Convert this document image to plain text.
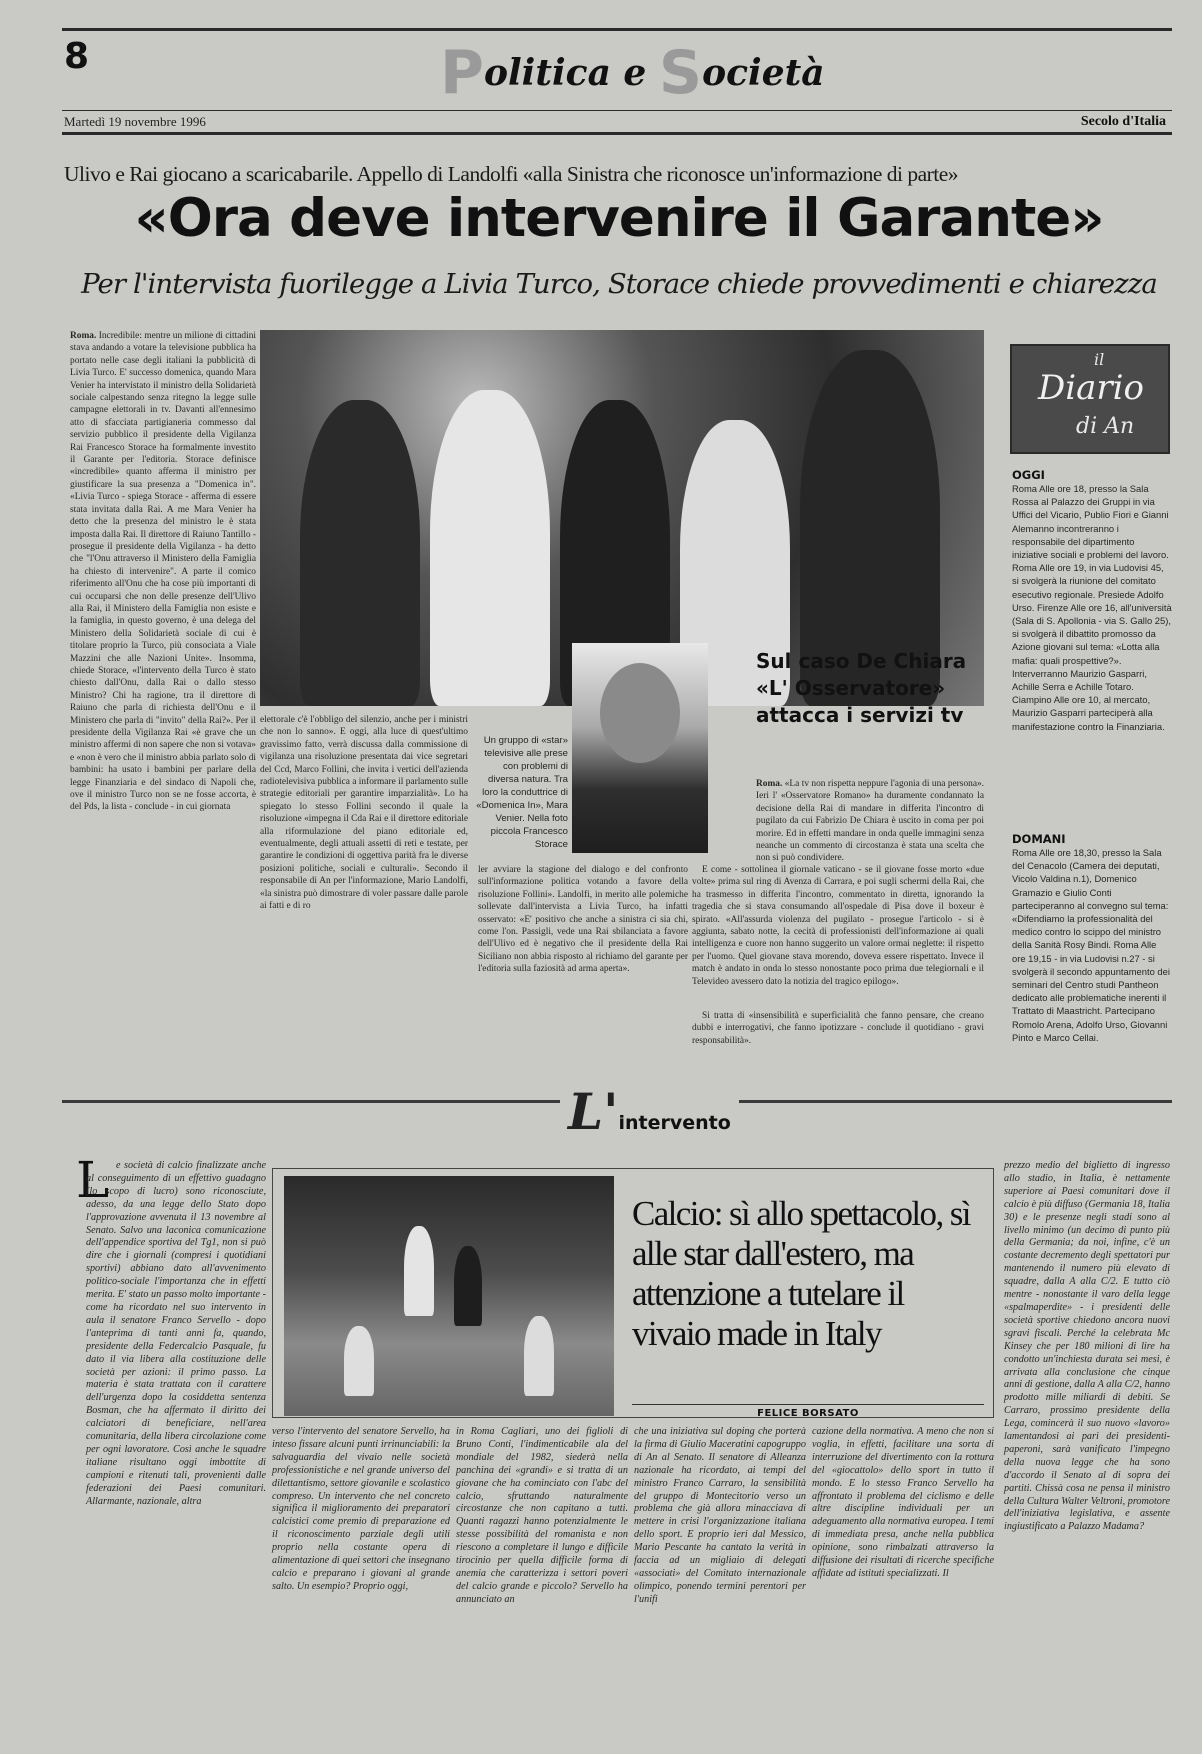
8	Politica e Società
Martedì 19 novembre 1996	Secolo d'Italia
Ulivo e Rai giocano a scaricabarile. Appello di Landolfi «alla Sinistra che riconosce un'informazione di parte»
«Ora deve intervenire il Garante»
Per l'intervista fuorilegge a Livia Turco, Storace chiede provvedimenti e chiarezza
Roma. Incredibile: mentre un milione di cittadini stava andando a votare la televisione pubblica ha portato nelle case degli italiani la pubblicità di Livia Turco. E' successo domenica, quando Mara Venier ha intervistato il ministro della Solidarietà sociale calpestando senza ritegno la legge sulle campagne elettorali in tv. Davanti all'ennesimo atto di sfacciata partigianeria commesso dal servizio pubblico il presidente della Vigilanza Rai Francesco Storace ha formalmente investito il Garante per l'editoria. Storace definisce «incredibile» quanto afferma il ministro per giustificare la sua presenza a "Domenica in". «Livia Turco - spiega Storace - afferma di essere stata invitata dalla Rai. A me Mara Venier ha detto che la presenza del ministro le è stata imposta dalla Rai. Il direttore di Raiuno Tantillo - prosegue il presidente della Vigilanza - ha detto che "l'Onu attraverso il Ministero della Famiglia ha chiesto di intervenire". A parte il comico riferimento all'Onu che ha cose più importanti di cui occuparsi che non delle presenze dell'Ulivo alla Rai, il Ministero della Famiglia non esiste e la famiglia, in questo governo, è una delega del Ministero della Solidarietà sociale di cui è titolare proprio la Turco, più consociata a Viale Mazzini che alle Nazioni Unite». Insomma, chiede Storace, «l'intervento della Turco è stato chiesto dall'Onu, dalla Rai o dallo stesso Ministro? Chi ha ragione, tra il direttore di Raiuno che parla di richiesta dell'Onu e il Ministero che parla di "invito" della Rai?». Per il presidente della Vigilanza Rai «è grave che un ministro affermi di non sapere che non si votava» e «non è vero che il ministro abbia parlato solo di bambini: ha usato i bambini per parlare della legge Finanziaria e del sindaco di Napoli che, ove il ministro Turco non se ne fosse accorta, è del Pds, la lista - conclude - in cui giornata
Un gruppo di «star» televisive alle prese con problemi di diversa natura. Tra loro la conduttrice di «Domenica In», Mara Venier. Nella foto piccola Francesco Storace
elettorale c'è l'obbligo del silenzio, anche per i ministri che non lo sanno». E oggi, alla luce di quest'ultimo gravissimo fatto, verrà discussa dalla commissione di vigilanza una risoluzione presentata dai vice segretari del Ccd, Marco Follini, che invita i vertici dell'azienda radiotelevisiva pubblica a informare il parlamento sulle strategie editoriali per garantire imparzialità». Lo ha spiegato lo stesso Follini secondo il quale la risoluzione «impegna il Cda Rai e il direttore editoriale alla riformulazione del piano editoriale ed, eventualmente, degli attuali assetti di reti e testate, per garantire le condizioni di oggettiva parità fra le diverse posizioni politiche, sociali e culturali». Secondo il responsabile di An per l'informazione, Mario Landolfi, «la sinistra può dimostrare di voler passare dalle parole ai fatti e di ro
ler avviare la stagione del dialogo e del confronto sull'informazione politica votando a favore della risoluzione Follini». Landolfi, in merito alle polemiche sollevate dall'intervista a Livia Turco, ha infatti osservato: «E' positivo che anche a sinistra ci sia chi, come l'on. Passigli, vede una Rai sbilanciata a favore dell'Ulivo ed è negativo che il presidente della Rai Siciliano non abbia risposto al richiamo del garante per l'editoria sulla faziosità ad arma aperta».
Sul caso De Chiara «L' Osservatore» attacca i servizi tv
Roma. «La tv non rispetta neppure l'agonia di una persona». Ieri l' «Osservatore Romano» ha duramente condannato la decisione della Rai di mandare in differita l'incontro di pugilato da cui Fabrizio De Chiara è uscito in coma per poi morire. Ed in effetti mandare in onda quelle immagini senza neanche un commento di circostanza è stata una scelta che non si può condividere.
E come - sottolinea il giornale vaticano - se il giovane fosse morto «due volte» prima sul ring di Avenza di Carrara, e poi sugli schermi della Rai, che ha trasmesso in differita l'incontro, commentato in diretta, ignorando la tragedia che si stava consumando all'ospedale di Pisa dove il boxeur è spirato. «All'assurda violenza del pugilato - prosegue l'articolo - si è aggiunta, sabato notte, la cecità di professionisti dell'informazione ai quali intelligenza e cuore non hanno suggerito un valore ormai neglette: il rispetto per l'uomo. Quel giovane stava morendo, doveva essere rispettato. Invece il match è andato in onda lo stesso nonostante poco prima due telegiornali e il Televideo avessero dato la notizia del tragico epilogo».
Si tratta di «insensibilità e superficialità che fanno pensare, che creano dubbi e interrogativi, che fanno ipotizzare - conclude il quotidiano - gravi responsabilità».
il
Diario
di An
OGGI
Roma Alle ore 18, presso la Sala Rossa al Palazzo dei Gruppi in via Uffici del Vicario, Publio Fiori e Gianni Alemanno incontreranno i responsabile del dipartimento iniziative sociali e problemi del lavoro. Roma Alle ore 19, in via Ludovisi 45, si svolgerà la riunione del comitato esecutivo regionale. Presiede Adolfo Urso. Firenze Alle ore 16, all'università (Sala di S. Apollonia - via S. Gallo 25), si svolgerà il dibattito promosso da Azione giovani sul tema: «Lotta alla mafia: quali prospettive?». Interverranno Maurizio Gasparri, Achille Serra e Achille Totaro. Ciampino Alle ore 10, al mercato, Maurizio Gasparri parteciperà alla manifestazione contro la Finanziaria.
DOMANI
Roma Alle ore 18,30, presso la Sala del Cenacolo (Camera dei deputati, Vicolo Valdina n.1), Domenico Gramazio e Giulio Conti parteciperanno al convegno sul tema: «Difendiamo la professionalità del medico contro lo scippo del ministro della Sanità Rosy Bindi. Roma Alle ore 19,15 - in via Ludovisi n.27 - si svolgerà il secondo appuntamento dei seminari del Centro studi Pantheon dedicato alle problematiche inerenti il Trattato di Maastricht. Partecipano Romolo Arena, Adolfo Urso, Giovanni Pinto e Marco Cellai.
L'intervento
L e società di calcio finalizzate anche al conseguimento di un effettivo guadagno (lo scopo di lucro) sono riconosciute, adesso, da una legge dello Stato dopo l'approvazione avvenuta il 13 novembre al Senato. Salvo una laconica comunicazione dell'appendice sportiva del Tg1, non si può dire che i giornali (compresi i quotidiani sportivi) abbiano dato all'avvenimento politico-sociale l'importanza che in effetti merita. E' stato un passo molto importante - come ha ricordato nel suo intervento in aula il senatore Franco Servello - dopo l'anteprima di tanti anni fa, quando, presidente della Federcalcio Pasquale, fu dato il via libera alla costituzione delle società per azioni: il primo passo. La materia è stata trattata con il carattere dell'urgenza dopo la cosiddetta sentenza Bosman, che ha affermato il diritto dei calciatori di beneficiare, nell'area comunitaria, della libera circolazione come per ogni lavoratore. Così anche le squadre italiane risultano oggi imbottite di campioni e ritenuti tali, provenienti dalle federazioni dei Paesi comunitari. Allarmante, nazionale, altra
Calcio: sì allo spettacolo, sì alle star dall'estero, ma attenzione a tutelare il vivaio made in Italy
FELICE BORSATO
verso l'intervento del senatore Servello, ha inteso fissare alcuni punti irrinunciabili: la salvaguardia del vivaio nelle società professionistiche e nel grande universo del dilettantismo, settore giovanile e scolastico compreso. Un intervento che nel concreto significa il miglioramento dei preparatori calcistici come premio di preparazione ed il riconoscimento parziale degli utili proprio nella costante opera di alimentazione di quei settori che insegnano calcio e preparano i giovani al grande salto. Un esempio? Proprio oggi,
in Roma Cagliari, uno dei figlioli di Bruno Conti, l'indimenticabile ala del mondiale del 1982, siederà nella panchina dei «grandi» e si tratta di un giovane che ha cominciato con l'abc del calcio, sfruttando naturalmente circostanze che non capitano a tutti. Quanti ragazzi hanno potenzialmente le stesse possibilità del romanista e non riescono a completare il lungo e difficile tirocinio per quella difficile forma di anemia che caratterizza i settori poveri del calcio grande e piccolo? Servello ha annunciato an
che una iniziativa sul doping che porterà la firma di Giulio Maceratini capogruppo di An al Senato. Il senatore di Alleanza nazionale ha ricordato, ai tempi del ministro Franco Carraro, la sensibilità del gruppo di Montecitorio verso un problema che già allora minacciava di mettere in crisi l'organizzazione italiana dello sport. E proprio ieri dal Messico, Mario Pescante ha cantato la verità in faccia ad un migliaio di delegati «associati» del Comitato internazionale olimpico, ponendo termini perentori per l'unifi
cazione della normativa. A meno che non si voglia, in effetti, facilitare una sorta di interruzione del divertimento con la rottura del «giocattolo» dello sport in tutto il mondo. E lo stesso Franco Servello ha affrontato il problema del ciclismo e delle altre discipline individuali per un adeguamento alla normativa europea. I temi di immediata presa, anche nella pubblica opinione, sono rimbalzati attraverso la diffusione dei risultati di ricerche specifiche affidate ad istituti specializzati. Il
prezzo medio del biglietto di ingresso allo stadio, in Italia, è nettamente superiore ai Paesi comunitari dove il calcio è più diffuso (Germania 18, Italia 30) e le presenze negli stadi sono al livello minimo (un decimo di punto più della Germania; da noi, infine, c'è un costante decremento degli spettatori pur mantenendo il numero più elevato di squadre, dalla A alla C/2. E tutto ciò mentre - nonostante il varo della legge «spalmaperdite» - i presidenti delle società sportive chiedono ancora nuovi sgravi fiscali. Perché la celebrata Mc Kinsey che per 180 milioni di lire ha condotto un'inchiesta durata sei mesi, è arrivata alla conclusione che cinque anni di gestione, dalla A alla C/2, hanno prodotto mille miliardi di debiti. Se Carraro, prossimo presidente della Lega, comincerà il suo nuovo «lavoro» lamentandosi ai pari dei presidenti-paperoni, sarà vanificato l'impegno della nuova legge che ha sono d'accordo il Senato al di sopra dei partiti. Chissà cosa ne pensa il ministro della Cultura Walter Veltroni, promotore dell'iniziativa legislativa, e assente ingiustificato a Palazzo Madama?
